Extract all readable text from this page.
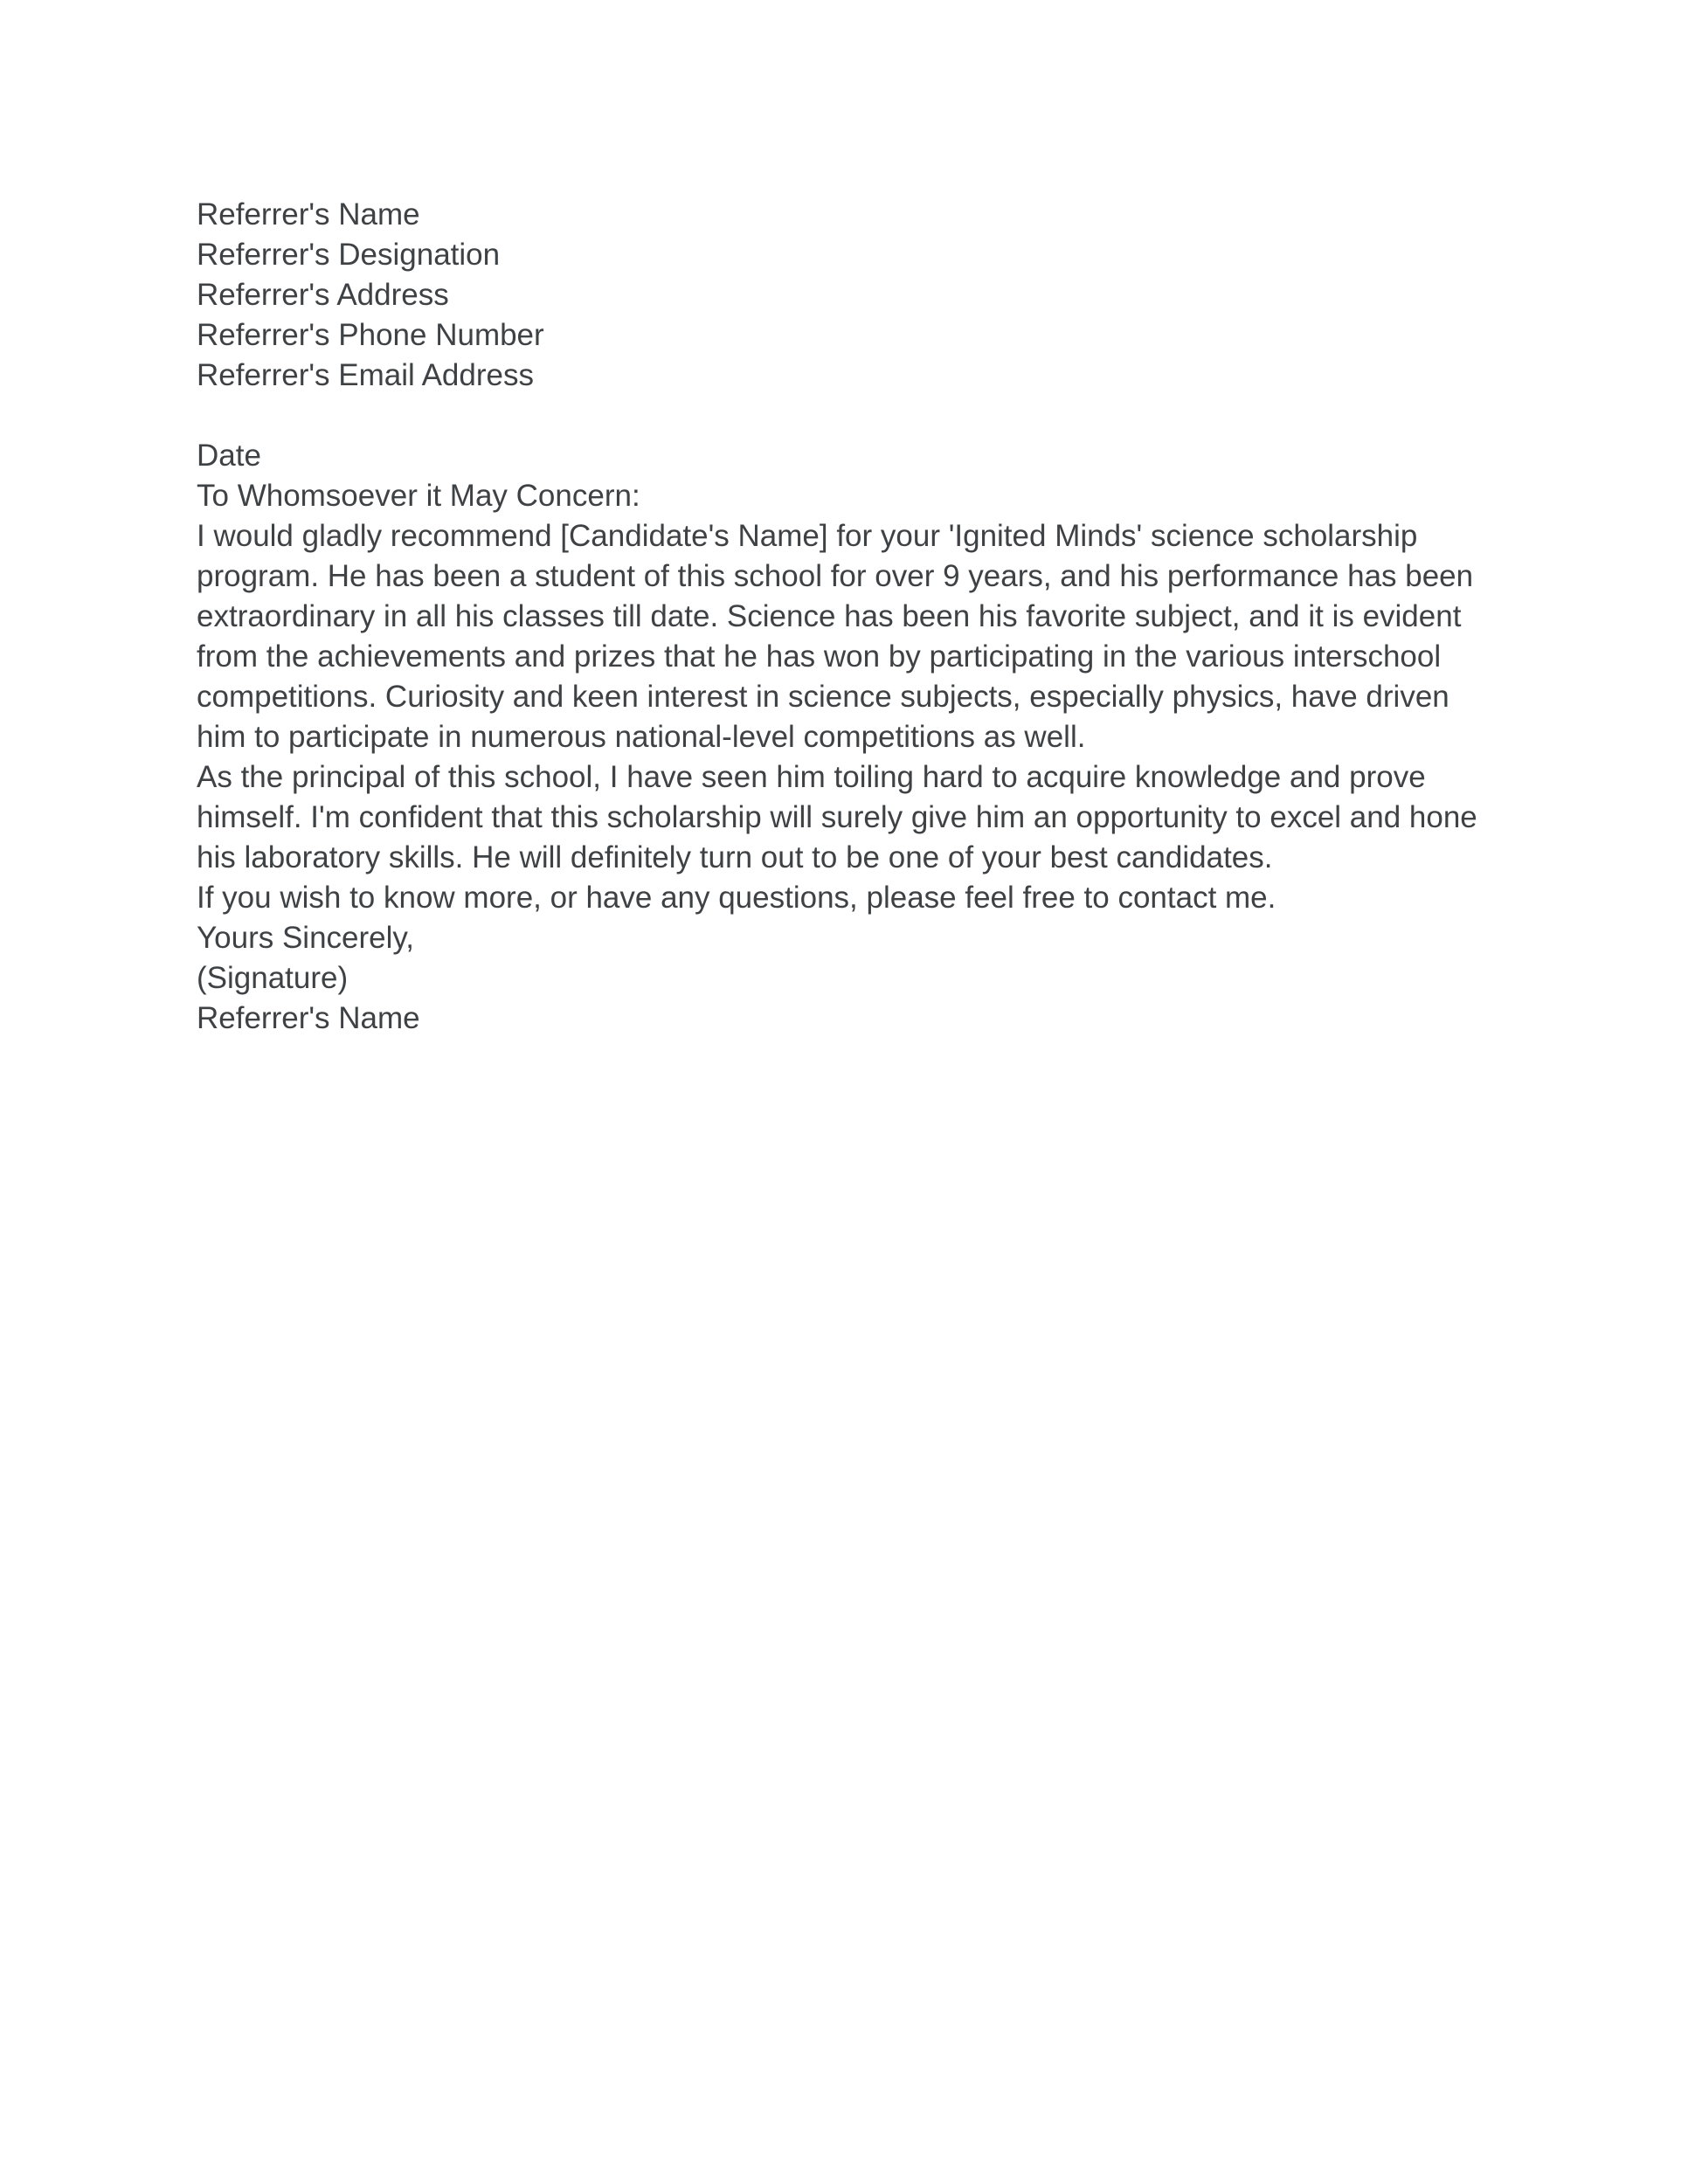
Referrer's Name

Referrer's Designation

Referrer's Address

Referrer's Phone Number

Referrer's Email Address

Date

To Whomsoever it May Concern:

I would gladly recommend [Candidate's Name] for your 'Ignited Minds' science scholarship program. He has been a student of this school for over 9 years, and his performance has been extraordinary in all his classes till date. Science has been his favorite subject, and it is evident from the achievements and prizes that he has won by participating in the various interschool competitions. Curiosity and keen interest in science subjects, especially physics, have driven him to participate in numerous national-level competitions as well.

As the principal of this school, I have seen him toiling hard to acquire knowledge and prove himself. I'm confident that this scholarship will surely give him an opportunity to excel and hone his laboratory skills. He will definitely turn out to be one of your best candidates.

If you wish to know more, or have any questions, please feel free to contact me.

Yours Sincerely,

(Signature)

Referrer's Name
